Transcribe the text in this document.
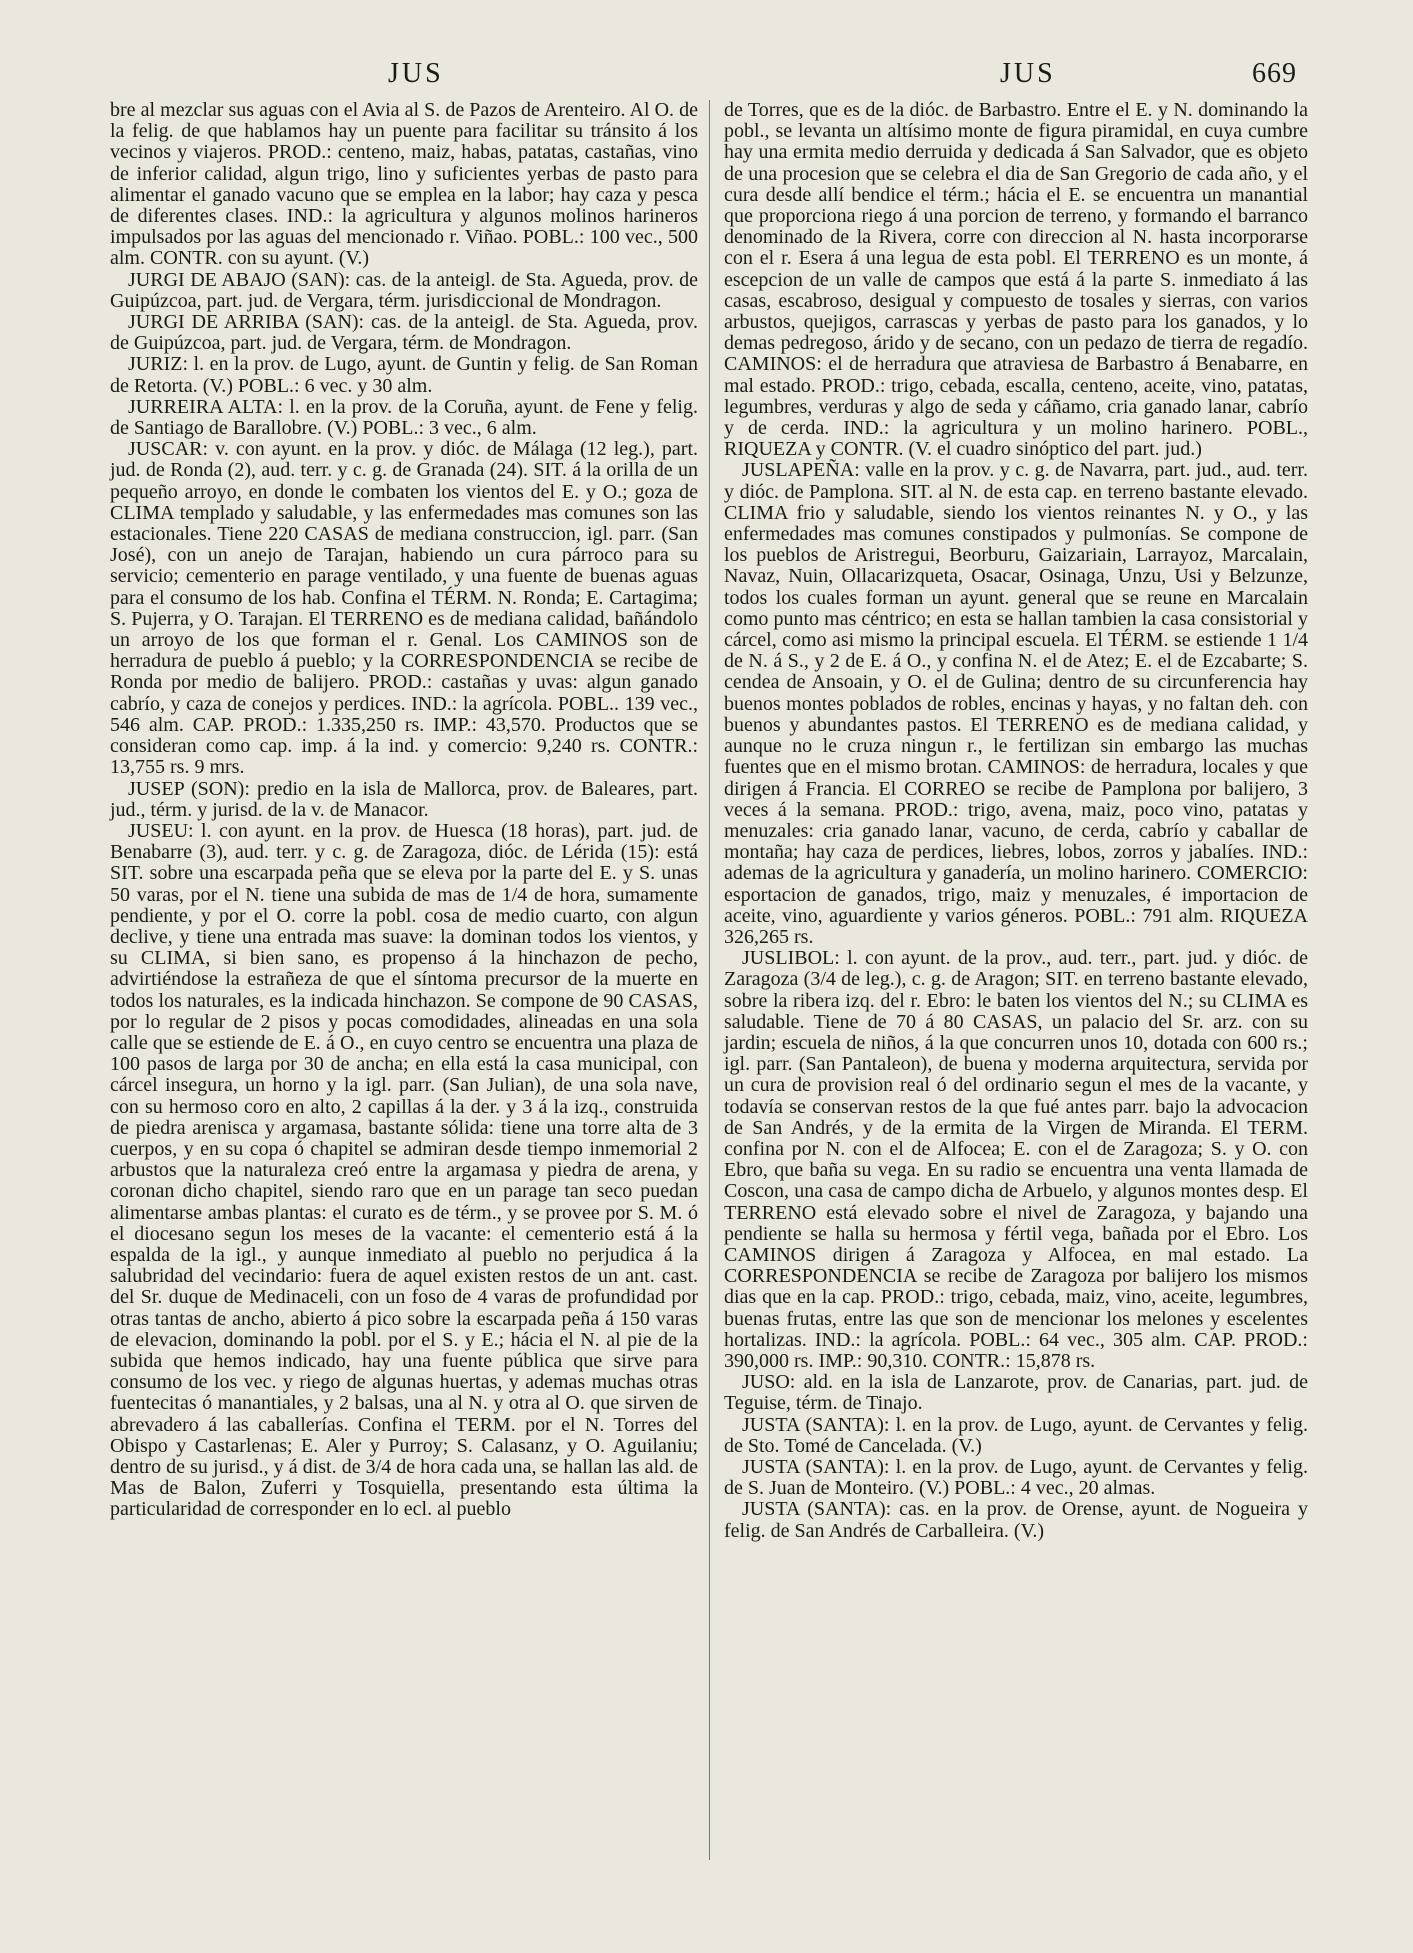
JUS	JUS	669

bre al mezclar sus aguas con el Avia al S. de Pazos de Arenteiro. Al O. de la felig. de que hablamos hay un puente para facilitar su tránsito á los vecinos y viajeros. PROD.: centeno, maiz, habas, patatas, castañas, vino de inferior calidad, algun trigo, lino y suficientes yerbas de pasto para alimentar el ganado vacuno que se emplea en la labor; hay caza y pesca de diferentes clases. IND.: la agricultura y algunos molinos harineros impulsados por las aguas del mencionado r. Viñao. POBL.: 100 vec., 500 alm. CONTR. con su ayunt. (V.)

JURGI DE ABAJO (SAN): cas. de la anteigl. de Sta. Agueda, prov. de Guipúzcoa, part. jud. de Vergara, térm. jurisdiccional de Mondragon.

JURGI DE ARRIBA (SAN): cas. de la anteigl. de Sta. Agueda, prov. de Guipúzcoa, part. jud. de Vergara, térm. de Mondragon.

JURIZ: l. en la prov. de Lugo, ayunt. de Guntin y felig. de San Roman de Retorta. (V.) POBL.: 6 vec. y 30 alm.

JURREIRA ALTA: l. en la prov. de la Coruña, ayunt. de Fene y felig. de Santiago de Barallobre. (V.) POBL.: 3 vec., 6 alm.

JUSCAR: v. con ayunt. en la prov. y dióc. de Málaga (12 leg.), part. jud. de Ronda (2), aud. terr. y c. g. de Granada (24). SIT. á la orilla de un pequeño arroyo, en donde le combaten los vientos del E. y O.; goza de CLIMA templado y saludable, y las enfermedades mas comunes son las estacionales. Tiene 220 CASAS de mediana construccion, igl. parr. (San José), con un anejo de Tarajan, habiendo un cura párroco para su servicio; cementerio en parage ventilado, y una fuente de buenas aguas para el consumo de los hab. Confina el TÉRM. N. Ronda; E. Cartagima; S. Pujerra, y O. Tarajan. El TERRENO es de mediana calidad, bañándolo un arroyo de los que forman el r. Genal. Los CAMINOS son de herradura de pueblo á pueblo; y la CORRESPONDENCIA se recibe de Ronda por medio de balijero. PROD.: castañas y uvas: algun ganado cabrío, y caza de conejos y perdices. IND.: la agrícola. POBL.. 139 vec., 546 alm. CAP. PROD.: 1.335,250 rs. IMP.: 43,570. Productos que se consideran como cap. imp. á la ind. y comercio: 9,240 rs. CONTR.: 13,755 rs. 9 mrs.

JUSEP (SON): predio en la isla de Mallorca, prov. de Baleares, part. jud., térm. y jurisd. de la v. de Manacor.

JUSEU: l. con ayunt. en la prov. de Huesca (18 horas), part. jud. de Benabarre (3), aud. terr. y c. g. de Zaragoza, dióc. de Lérida (15): está SIT. sobre una escarpada peña que se eleva por la parte del E. y S. unas 50 varas, por el N. tiene una subida de mas de 1/4 de hora, sumamente pendiente, y por el O. corre la pobl. cosa de medio cuarto, con algun declive, y tiene una entrada mas suave: la dominan todos los vientos, y su CLIMA, si bien sano, es propenso á la hinchazon de pecho, advirtiéndose la estrañeza de que el síntoma precursor de la muerte en todos los naturales, es la indicada hinchazon. Se compone de 90 CASAS, por lo regular de 2 pisos y pocas comodidades, alineadas en una sola calle que se estiende de E. á O., en cuyo centro se encuentra una plaza de 100 pasos de larga por 30 de ancha; en ella está la casa municipal, con cárcel insegura, un horno y la igl. parr. (San Julian), de una sola nave, con su hermoso coro en alto, 2 capillas á la der. y 3 á la izq., construida de piedra arenisca y argamasa, bastante sólida: tiene una torre alta de 3 cuerpos, y en su copa ó chapitel se admiran desde tiempo inmemorial 2 arbustos que la naturaleza creó entre la argamasa y piedra de arena, y coronan dicho chapitel, siendo raro que en un parage tan seco puedan alimentarse ambas plantas: el curato es de térm., y se provee por S. M. ó el diocesano segun los meses de la vacante: el cementerio está á la espalda de la igl., y aunque inmediato al pueblo no perjudica á la salubridad del vecindario: fuera de aquel existen restos de un ant. cast. del Sr. duque de Medinaceli, con un foso de 4 varas de profundidad por otras tantas de ancho, abierto á pico sobre la escarpada peña á 150 varas de elevacion, dominando la pobl. por el S. y E.; hácia el N. al pie de la subida que hemos indicado, hay una fuente pública que sirve para consumo de los vec. y riego de algunas huertas, y ademas muchas otras fuentecitas ó manantiales, y 2 balsas, una al N. y otra al O. que sirven de abrevadero á las caballerías. Confina el TERM. por el N. Torres del Obispo y Castarlenas; E. Aler y Purroy; S. Calasanz, y O. Aguilaniu; dentro de su jurisd., y á dist. de 3/4 de hora cada una, se hallan las ald. de Mas de Balon, Zuferri y Tosquiella, presentando esta última la particularidad de corresponder en lo ecl. al pueblo

de Torres, que es de la dióc. de Barbastro. Entre el E. y N. dominando la pobl., se levanta un altísimo monte de figura piramidal, en cuya cumbre hay una ermita medio derruida y dedicada á San Salvador, que es objeto de una procesion que se celebra el dia de San Gregorio de cada año, y el cura desde allí bendice el térm.; hácia el E. se encuentra un manantial que proporciona riego á una porcion de terreno, y formando el barranco denominado de la Rivera, corre con direccion al N. hasta incorporarse con el r. Esera á una legua de esta pobl. El TERRENO es un monte, á escepcion de un valle de campos que está á la parte S. inmediato á las casas, escabroso, desigual y compuesto de tosales y sierras, con varios arbustos, quejigos, carrascas y yerbas de pasto para los ganados, y lo demas pedregoso, árido y de secano, con un pedazo de tierra de regadío. CAMINOS: el de herradura que atraviesa de Barbastro á Benabarre, en mal estado. PROD.: trigo, cebada, escalla, centeno, aceite, vino, patatas, legumbres, verduras y algo de seda y cáñamo, cria ganado lanar, cabrío y de cerda. IND.: la agricultura y un molino harinero. POBL., RIQUEZA y CONTR. (V. el cuadro sinóptico del part. jud.)

JUSLAPEÑA: valle en la prov. y c. g. de Navarra, part. jud., aud. terr. y dióc. de Pamplona. SIT. al N. de esta cap. en terreno bastante elevado. CLIMA frio y saludable, siendo los vientos reinantes N. y O., y las enfermedades mas comunes constipados y pulmonías. Se compone de los pueblos de Aristregui, Beorburu, Gaizariain, Larrayoz, Marcalain, Navaz, Nuin, Ollacarizqueta, Osacar, Osinaga, Unzu, Usi y Belzunze, todos los cuales forman un ayunt. general que se reune en Marcalain como punto mas céntrico; en esta se hallan tambien la casa consistorial y cárcel, como asi mismo la principal escuela. El TÉRM. se estiende 1 1/4 de N. á S., y 2 de E. á O., y confina N. el de Atez; E. el de Ezcabarte; S. cendea de Ansoain, y O. el de Gulina; dentro de su circunferencia hay buenos montes poblados de robles, encinas y hayas, y no faltan deh. con buenos y abundantes pastos. El TERRENO es de mediana calidad, y aunque no le cruza ningun r., le fertilizan sin embargo las muchas fuentes que en el mismo brotan. CAMINOS: de herradura, locales y que dirigen á Francia. El CORREO se recibe de Pamplona por balijero, 3 veces á la semana. PROD.: trigo, avena, maiz, poco vino, patatas y menuzales: cria ganado lanar, vacuno, de cerda, cabrío y caballar de montaña; hay caza de perdices, liebres, lobos, zorros y jabalíes. IND.: ademas de la agricultura y ganadería, un molino harinero. COMERCIO: esportacion de ganados, trigo, maiz y menuzales, é importacion de aceite, vino, aguardiente y varios géneros. POBL.: 791 alm. RIQUEZA 326,265 rs.

JUSLIBOL: l. con ayunt. de la prov., aud. terr., part. jud. y dióc. de Zaragoza (3/4 de leg.), c. g. de Aragon; SIT. en terreno bastante elevado, sobre la ribera izq. del r. Ebro: le baten los vientos del N.; su CLIMA es saludable. Tiene de 70 á 80 CASAS, un palacio del Sr. arz. con su jardin; escuela de niños, á la que concurren unos 10, dotada con 600 rs.; igl. parr. (San Pantaleon), de buena y moderna arquitectura, servida por un cura de provision real ó del ordinario segun el mes de la vacante, y todavía se conservan restos de la que fué antes parr. bajo la advocacion de San Andrés, y de la ermita de la Virgen de Miranda. El TERM. confina por N. con el de Alfocea; E. con el de Zaragoza; S. y O. con Ebro, que baña su vega. En su radio se encuentra una venta llamada de Coscon, una casa de campo dicha de Arbuelo, y algunos montes desp. El TERRENO está elevado sobre el nivel de Zaragoza, y bajando una pendiente se halla su hermosa y fértil vega, bañada por el Ebro. Los CAMINOS dirigen á Zaragoza y Alfocea, en mal estado. La CORRESPONDENCIA se recibe de Zaragoza por balijero los mismos dias que en la cap. PROD.: trigo, cebada, maiz, vino, aceite, legumbres, buenas frutas, entre las que son de mencionar los melones y escelentes hortalizas. IND.: la agrícola. POBL.: 64 vec., 305 alm. CAP. PROD.: 390,000 rs. IMP.: 90,310. CONTR.: 15,878 rs.

JUSO: ald. en la isla de Lanzarote, prov. de Canarias, part. jud. de Teguise, térm. de Tinajo.

JUSTA (SANTA): l. en la prov. de Lugo, ayunt. de Cervantes y felig. de Sto. Tomé de Cancelada. (V.)

JUSTA (SANTA): l. en la prov. de Lugo, ayunt. de Cervantes y felig. de S. Juan de Monteiro. (V.) POBL.: 4 vec., 20 almas.

JUSTA (SANTA): cas. en la prov. de Orense, ayunt. de Nogueira y felig. de San Andrés de Carballeira. (V.)
